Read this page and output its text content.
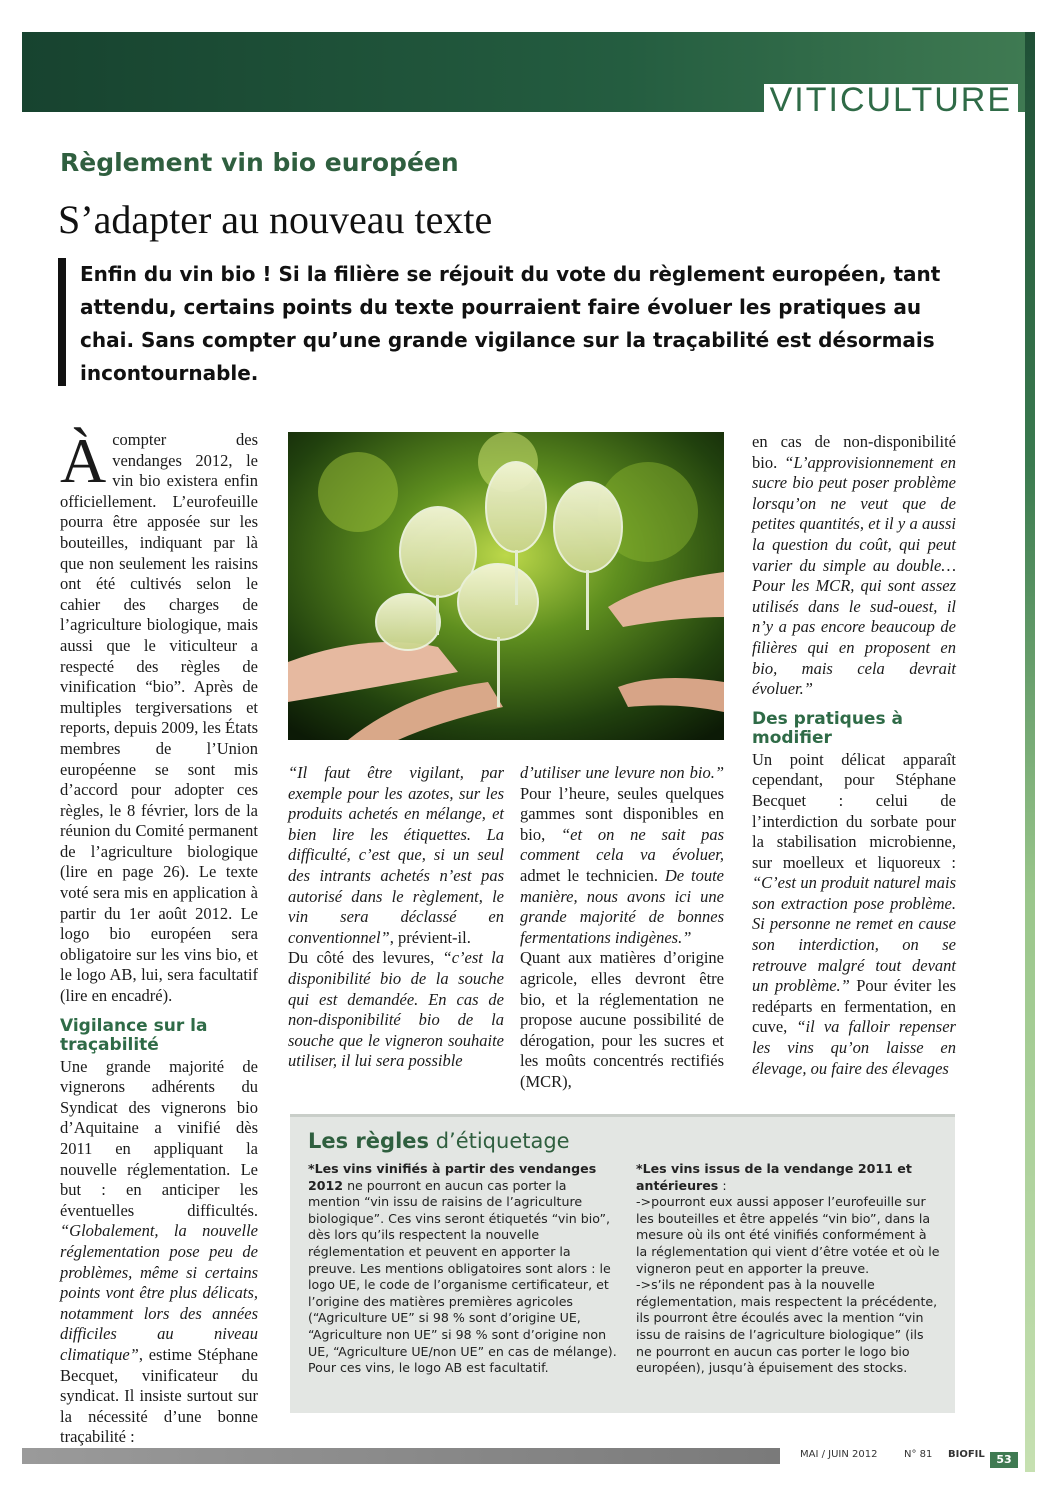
VITICULTURE
Règlement vin bio européen
S’adapter au nouveau texte
Enfin du vin bio ! Si la filière se réjouit du vote du règlement européen, tant attendu, certains points du texte pourraient faire évoluer les pratiques au chai. Sans compter qu’une grande vigilance sur la traçabilité est désormais incontournable.

Àcompter des vendanges 2012, le vin bio existera enfin officiellement. L’eurofeuille pourra être apposée sur les bouteilles, indiquant par là que non seulement les raisins ont été cultivés selon le cahier des charges de l’agriculture biologique, mais aussi que le viticulteur a respecté des règles de vinification “bio”. Après de multiples tergiversations et reports, depuis 2009, les États membres de l’Union européenne se sont mis d’accord pour adopter ces règles, le 8 février, lors de la réunion du Comité permanent de l’agriculture biologique (lire en page 26). Le texte voté sera mis en application à partir du 1er août 2012. Le logo bio européen sera obligatoire sur les vins bio, et le logo AB, lui, sera facultatif (lire en encadré).

Vigilance sur la traçabilité

Une grande majorité de vignerons adhérents du Syndicat des vignerons bio d’Aquitaine a vinifié dès 2011 en appliquant la nouvelle réglementation. Le but : en anticiper les éventuelles difficultés. “Globalement, la nouvelle réglementation pose peu de problèmes, même si certains points vont être plus délicats, notamment lors des années difficiles au niveau climatique”, estime Stéphane Becquet, vinificateur du syndicat. Il insiste surtout sur la nécessité d’une bonne traçabilité :

“Il faut être vigilant, par exemple pour les azotes, sur les produits achetés en mélange, et bien lire les étiquettes. La difficulté, c’est que, si un seul des intrants achetés n’est pas autorisé dans le règlement, le vin sera déclassé en conventionnel”, prévient-il.

Du côté des levures, “c’est la disponibilité bio de la souche qui est demandée. En cas de non-disponibilité bio de la souche que le vigneron souhaite utiliser, il lui sera possible

d’utiliser une levure non bio.” Pour l’heure, seules quelques gammes sont disponibles en bio, “et on ne sait pas comment cela va évoluer, admet le technicien. De toute manière, nous avons ici une grande majorité de bonnes fermentations indigènes.”

Quant aux matières d’origine agricole, elles devront être bio, et la réglementation ne propose aucune possibilité de dérogation, pour les sucres et les moûts concentrés rectifiés (MCR),

en cas de non-disponibilité bio. “L’approvisionnement en sucre bio peut poser problème lorsqu’on ne veut que de petites quantités, et il y a aussi la question du coût, qui peut varier du simple au double… Pour les MCR, qui sont assez utilisés dans le sud-ouest, il n’y a pas encore beaucoup de filières qui en proposent en bio, mais cela devrait évoluer.”

Des pratiques à modifier

Un point délicat apparaît cependant, pour Stéphane Becquet : celui de l’interdiction du sorbate pour la stabilisation microbienne, sur moelleux et liquoreux : “C’est un produit naturel mais son extraction pose problème. Si personne ne remet en cause son interdiction, on se retrouve malgré tout devant un problème.” Pour éviter les redéparts en fermentation, en cuve, “il va falloir repenser les vins qu’on laisse en élevage, ou faire des élevages

Les règles d’étiquetage

*Les vins vinifiés à partir des vendanges 2012 ne pourront en aucun cas porter la mention “vin issu de raisins de l’agriculture biologique”. Ces vins seront étiquetés “vin bio”, dès lors qu’ils respectent la nouvelle réglementation et peuvent en apporter la preuve. Les mentions obligatoires sont alors : le logo UE, le code de l’organisme certificateur, et l’origine des matières premières agricoles (“Agriculture UE” si 98 % sont d’origine UE, “Agriculture non UE” si 98 % sont d’origine non UE, “Agriculture UE/non UE” en cas de mélange). Pour ces vins, le logo AB est facultatif.

*Les vins issus de la vendange 2011 et antérieures :

->pourront eux aussi apposer l’eurofeuille sur les bouteilles et être appelés “vin bio”, dans la mesure où ils ont été vinifiés conformément à la réglementation qui vient d’être votée et où le vigneron peut en apporter la preuve.

->s’ils ne répondent pas à la nouvelle réglementation, mais respectent la précédente, ils pourront être écoulés avec la mention “vin issu de raisins de l’agriculture biologique” (ils ne pourront en aucun cas porter le logo bio européen), jusqu’à épuisement des stocks.

MAI / JUIN 2012	N° 81 BIOFIL	53
